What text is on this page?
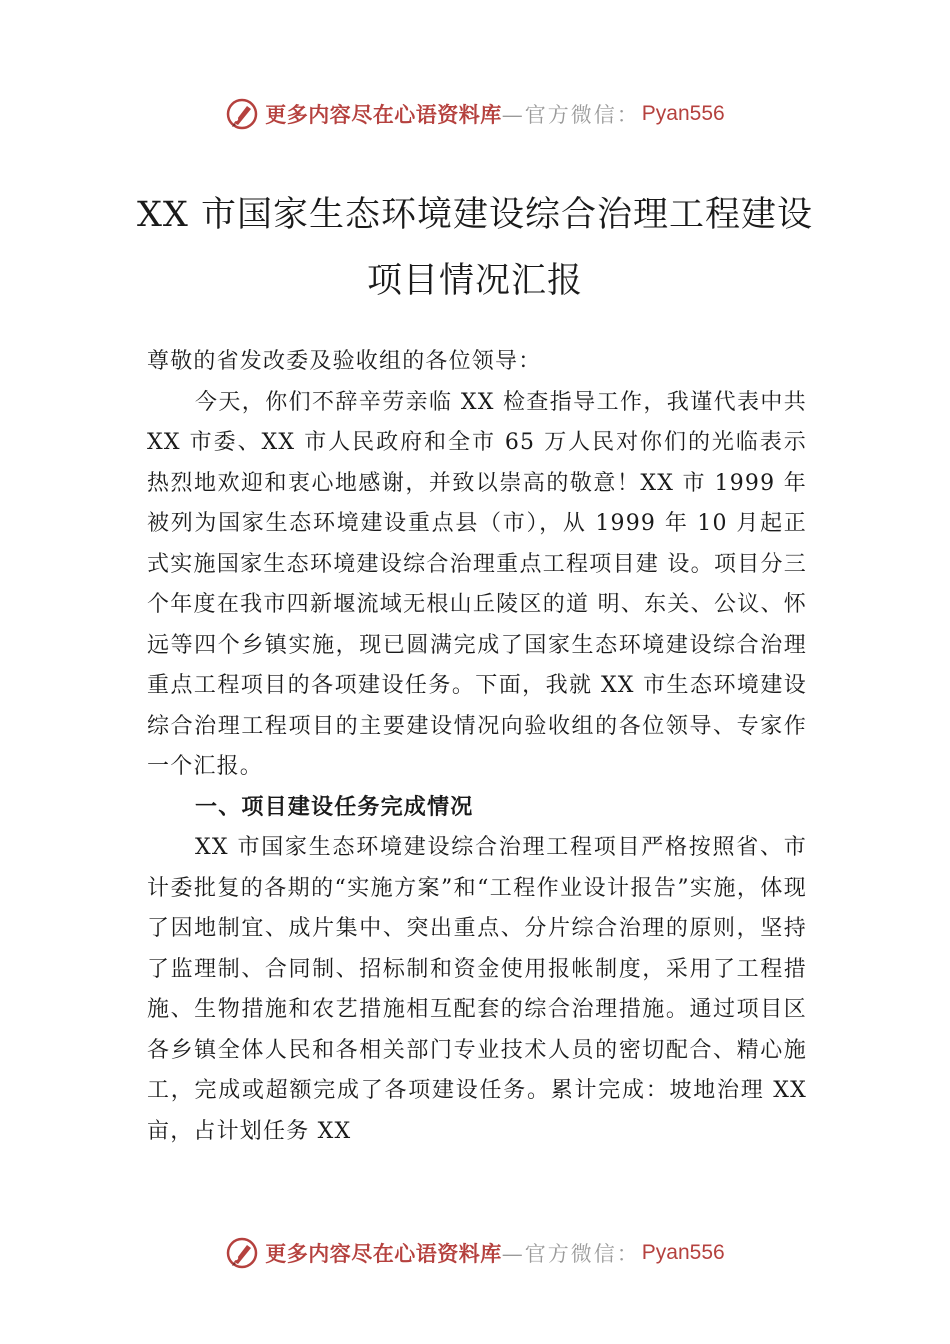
更多内容尽在心语资料库 —官方微信： Pyan556
XX 市国家生态环境建设综合治理工程建设
项目情况汇报

尊敬的省发改委及验收组的各位领导：

今天，你们不辞辛劳亲临 XX 检查指导工作，我谨代表中共 XX 市委、XX 市人民政府和全市 65 万人民对你们的光临表示热烈地欢迎和衷心地感谢，并致以崇高的敬意！XX 市 1999 年被列为国家生态环境建设重点县（市），从 1999 年 10 月起正式实施国家生态环境建设综合治理重点工程项目建 设。项目分三个年度在我市四新堰流域无根山丘陵区的道 明、东关、公议、怀远等四个乡镇实施，现已圆满完成了国家生态环境建设综合治理重点工程项目的各项建设任务。下面，我就 XX 市生态环境建设综合治理工程项目的主要建设情况向验收组的各位领导、专家作一个汇报。

一、项目建设任务完成情况

XX 市国家生态环境建设综合治理工程项目严格按照省、市计委批复的各期的“实施方案”和“工程作业设计报告”实施，体现了因地制宜、成片集中、突出重点、分片综合治理的原则，坚持了监理制、合同制、招标制和资金使用报帐制度，采用了工程措施、生物措施和农艺措施相互配套的综合治理措施。通过项目区各乡镇全体人民和各相关部门专业技术人员的密切配合、精心施工，完成或超额完成了各项建设任务。累计完成：坡地治理 XX 亩，占计划任务 XX

更多内容尽在心语资料库 —官方微信： Pyan556
